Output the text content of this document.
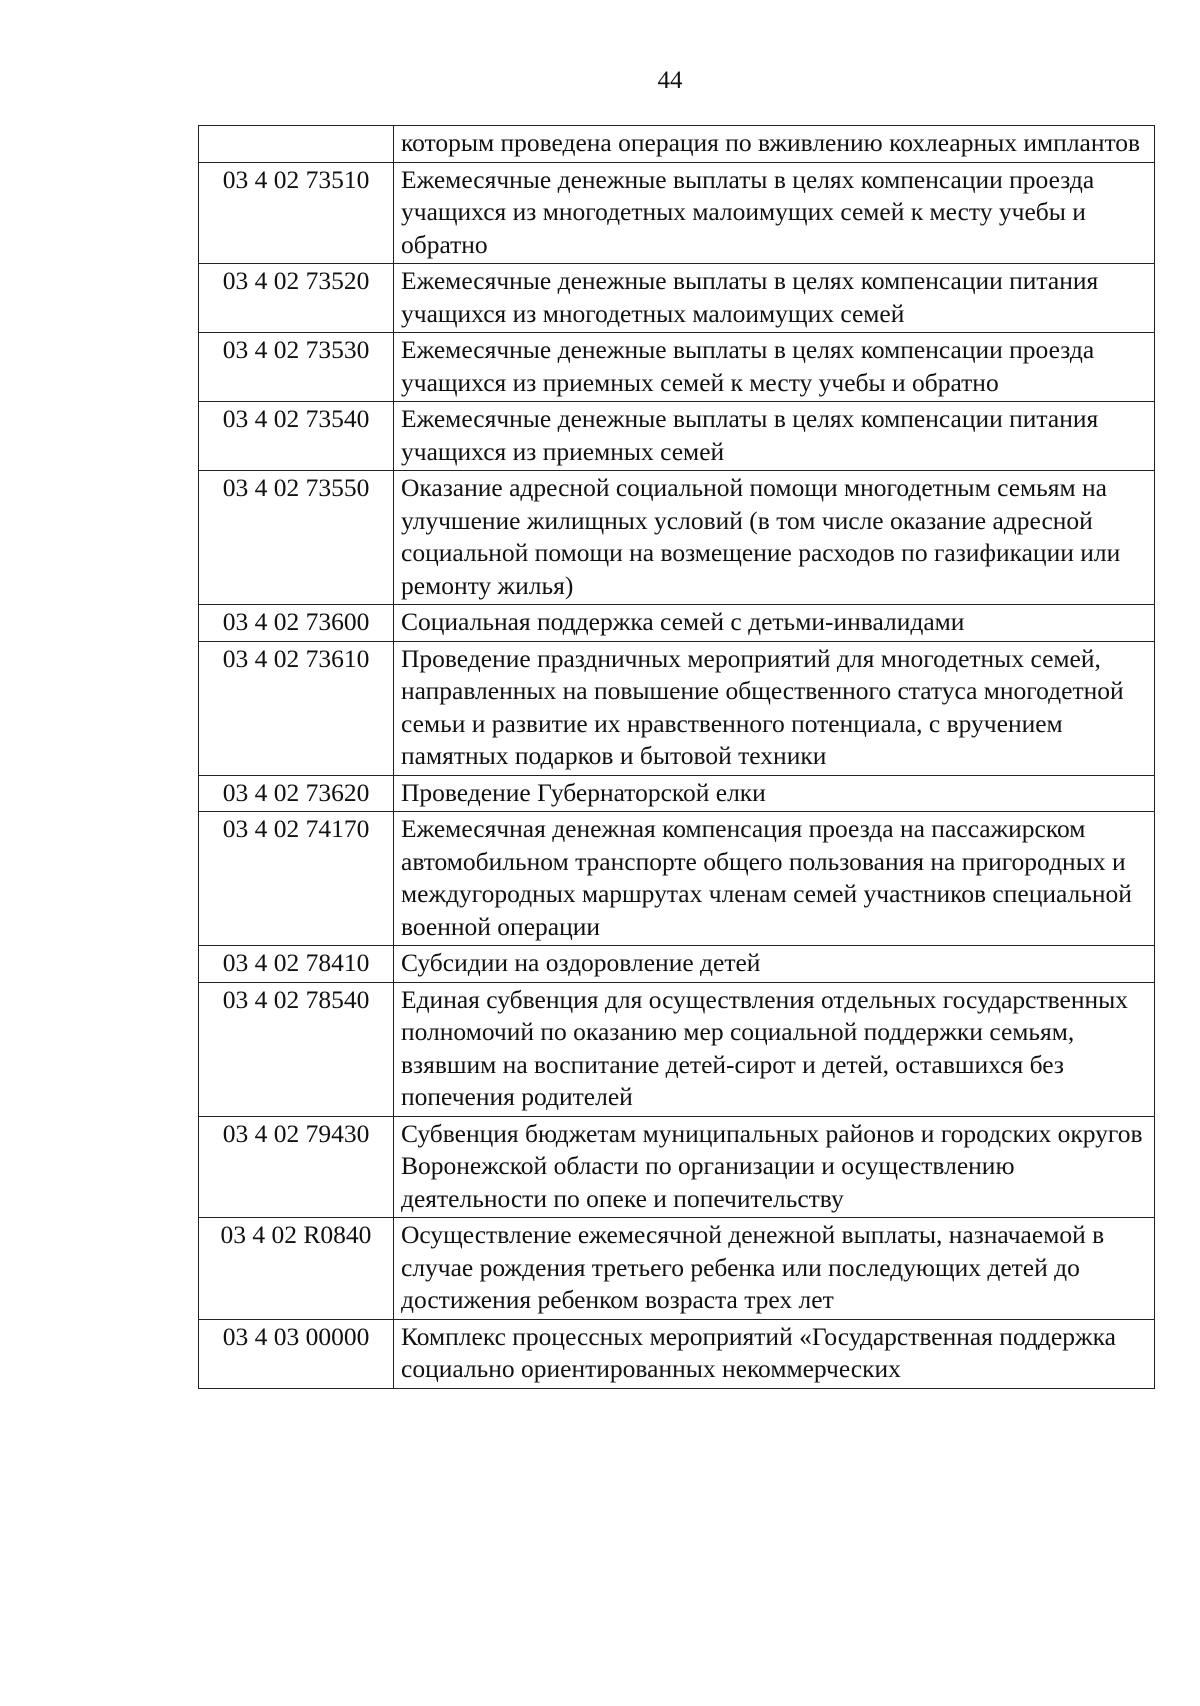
44
	которым проведена операция по вживлению кохлеарных имплантов
03 4 02 73510	Ежемесячные денежные выплаты в целях компенсации проезда учащихся из многодетных малоимущих семей к месту учебы и обратно
03 4 02 73520	Ежемесячные денежные выплаты в целях компенсации питания учащихся из многодетных малоимущих семей
03 4 02 73530	Ежемесячные денежные выплаты в целях компенсации проезда учащихся из приемных семей к месту учебы и обратно
03 4 02 73540	Ежемесячные денежные выплаты в целях компенсации питания учащихся из приемных семей
03 4 02 73550	Оказание адресной социальной помощи многодетным семьям на улучшение жилищных условий (в том числе оказание адресной социальной помощи на возмещение расходов по газификации или ремонту жилья)
03 4 02 73600	Социальная поддержка семей с детьми-инвалидами
03 4 02 73610	Проведение праздничных мероприятий для многодетных семей, направленных на повышение общественного статуса многодетной семьи и развитие их нравственного потенциала, с вручением памятных подарков и бытовой техники
03 4 02 73620	Проведение Губернаторской елки
03 4 02 74170	Ежемесячная денежная компенсация проезда на пассажирском автомобильном транспорте общего пользования на пригородных и междугородных маршрутах членам семей участников специальной военной операции
03 4 02 78410	Субсидии на оздоровление детей
03 4 02 78540	Единая субвенция для осуществления отдельных государственных полномочий по оказанию мер социальной поддержки семьям, взявшим на воспитание детей-сирот и детей, оставшихся без попечения родителей
03 4 02 79430	Субвенция бюджетам муниципальных районов и городских округов Воронежской области по организации и осуществлению деятельности по опеке и попечительству
03 4 02 R0840	Осуществление ежемесячной денежной выплаты, назначаемой в случае рождения третьего ребенка или последующих детей до достижения ребенком возраста трех лет
03 4 03 00000	Комплекс процессных мероприятий «Государственная поддержка социально ориентированных некоммерческих
